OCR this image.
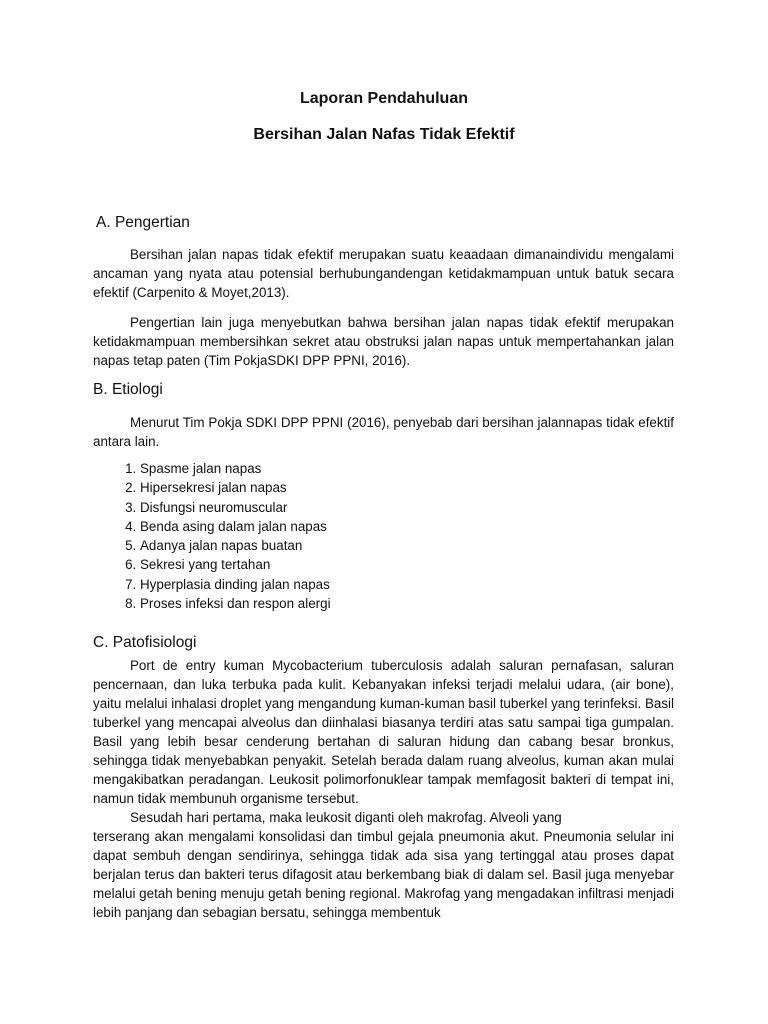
Laporan Pendahuluan
Bersihan Jalan Nafas Tidak Efektif
A. Pengertian

Bersihan jalan napas tidak efektif merupakan suatu keaadaan dimanaindividu mengalami ancaman yang nyata atau potensial berhubungandengan ketidakmampuan untuk batuk secara efektif (Carpenito & Moyet,2013).

Pengertian lain juga menyebutkan bahwa bersihan jalan napas tidak efektif merupakan ketidakmampuan membersihkan sekret atau obstruksi jalan napas untuk mempertahankan jalan napas tetap paten (Tim PokjaSDKI DPP PPNI, 2016).

B. Etiologi

Menurut Tim Pokja SDKI DPP PPNI (2016), penyebab dari bersihan jalannapas tidak efektif antara lain.

1. Spasme jalan napas
2. Hipersekresi jalan napas
3. Disfungsi neuromuscular
4. Benda asing dalam jalan napas
5. Adanya jalan napas buatan
6. Sekresi yang tertahan
7. Hyperplasia dinding jalan napas
8. Proses infeksi dan respon alergi
C. Patofisiologi

Port de entry kuman Mycobacterium tuberculosis adalah saluran pernafasan, saluran pencernaan, dan luka terbuka pada kulit. Kebanyakan infeksi terjadi melalui udara, (air bone), yaitu melalui inhalasi droplet yang mengandung kuman-kuman basil tuberkel yang terinfeksi. Basil tuberkel yang mencapai alveolus dan diinhalasi biasanya terdiri atas satu sampai tiga gumpalan. Basil yang lebih besar cenderung bertahan di saluran hidung dan cabang besar bronkus, sehingga tidak menyebabkan penyakit. Setelah berada dalam ruang alveolus, kuman akan mulai mengakibatkan peradangan. Leukosit polimorfonuklear tampak memfagosit bakteri di tempat ini, namun tidak membunuh organisme tersebut.

Sesudah hari pertama, maka leukosit diganti oleh makrofag. Alveoli yang

terserang akan mengalami konsolidasi dan timbul gejala pneumonia akut. Pneumonia selular ini dapat sembuh dengan sendirinya, sehingga tidak ada sisa yang tertinggal atau proses dapat berjalan terus dan bakteri terus difagosit atau berkembang biak di dalam sel. Basil juga menyebar melalui getah bening menuju getah bening regional. Makrofag yang mengadakan infiltrasi menjadi lebih panjang dan sebagian bersatu, sehingga membentuk
